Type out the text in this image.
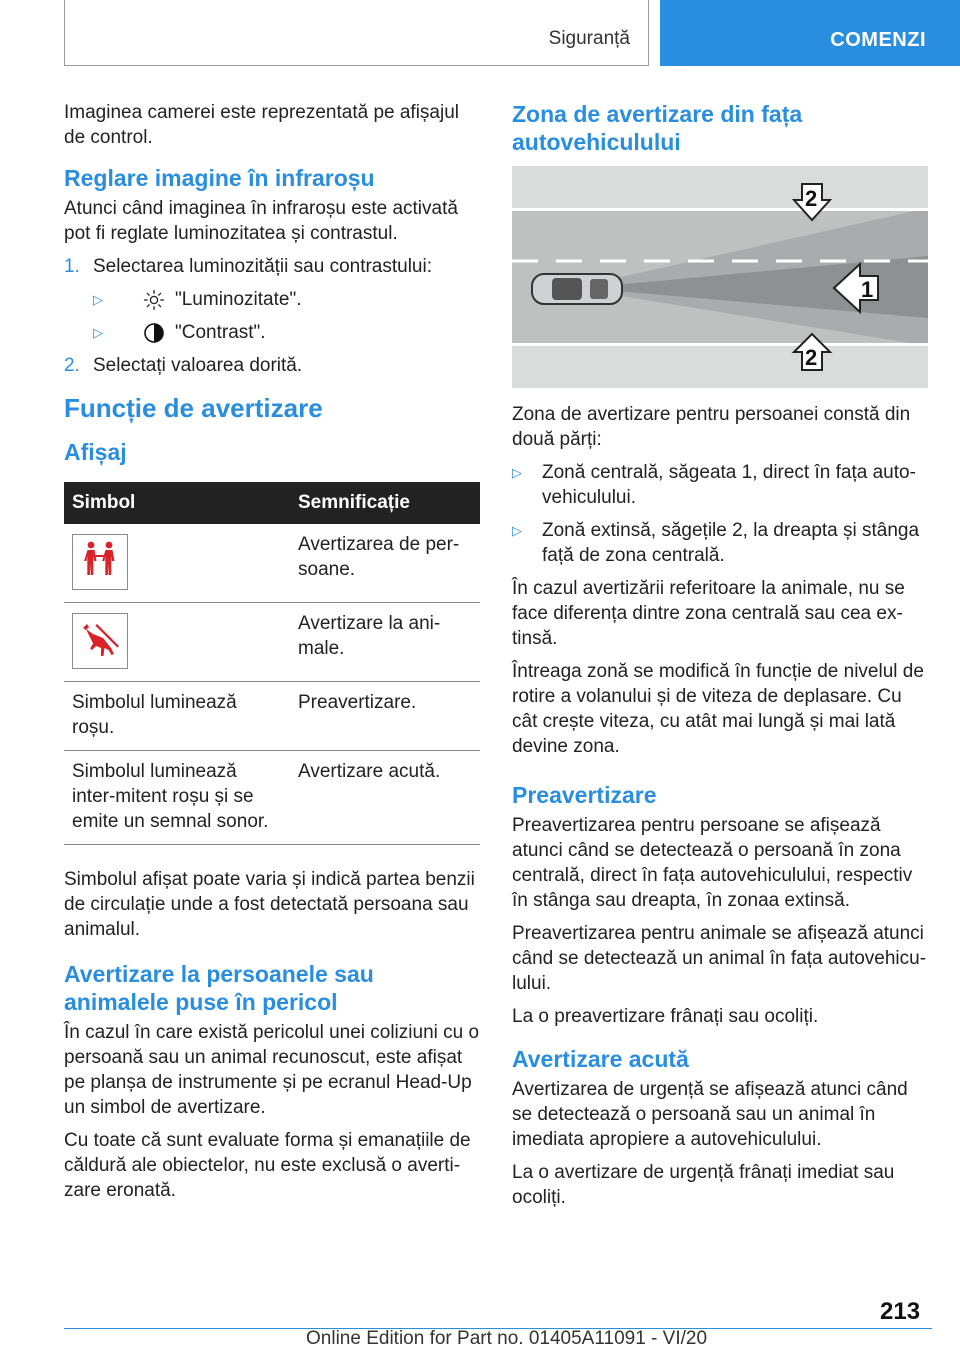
Siguranță	COMENZI

Imaginea camerei este reprezentată pe afișajul de control.

Reglare imagine în infraroșu

Atunci când imaginea în infraroșu este activată pot fi reglate luminozitatea și contrastul.

1. Selectarea luminozității sau contrastului:
▷	"Luminozitate".
▷	"Contrast".
2. Selectați valoarea dorită.
Funcție de avertizare
Afișaj
Simbol	Semnificație

	Avertizarea de per-soane.

	Avertizare la ani-male.
Simbolul luminează roșu.	Preavertizare.
Simbolul luminează inter-mitent roșu și se emite un semnal sonor.	Avertizare acută.

Simbolul afișat poate varia și indică partea benzii de circulație unde a fost detectată persoana sau animalul.

Avertizare la persoanele sau animalele puse în pericol

În cazul în care există pericolul unei coliziuni cu o persoană sau un animal recunoscut, este afișat pe planșa de instrumente și pe ecranul Head-Up un simbol de avertizare.

Cu toate că sunt evaluate forma și emanațiile de căldură ale obiectelor, nu este exclusă o averti-zare eronată.

Zona de avertizare din fața autovehiculului
1
2
2

Zona de avertizare pentru persoanei constă din două părți:

▷ Zonă centrală, săgeata 1, direct în fața auto-vehiculului.
▷ Zonă extinsă, săgețile 2, la dreapta și stânga față de zona centrală.

În cazul avertizării referitoare la animale, nu se face diferența dintre zona centrală sau cea ex-tinsă.

Întreaga zonă se modifică în funcție de nivelul de rotire a volanului și de viteza de deplasare. Cu cât crește viteza, cu atât mai lungă și mai lată devine zona.

Preavertizare

Preavertizarea pentru persoane se afișează atunci când se detectează o persoană în zona centrală, direct în fața autovehiculului, respectiv în stânga sau dreapta, în zonaa extinsă.

Preavertizarea pentru animale se afișează atunci când se detectează un animal în fața autovehicu-lului.

La o preavertizare frânați sau ocoliți.

Avertizare acută

Avertizarea de urgență se afișează atunci când se detectează o persoană sau un animal în imediata apropiere a autovehiculului.

La o avertizare de urgență frânați imediat sau ocoliți.

213
Online Edition for Part no. 01405A11091 - VI/20
